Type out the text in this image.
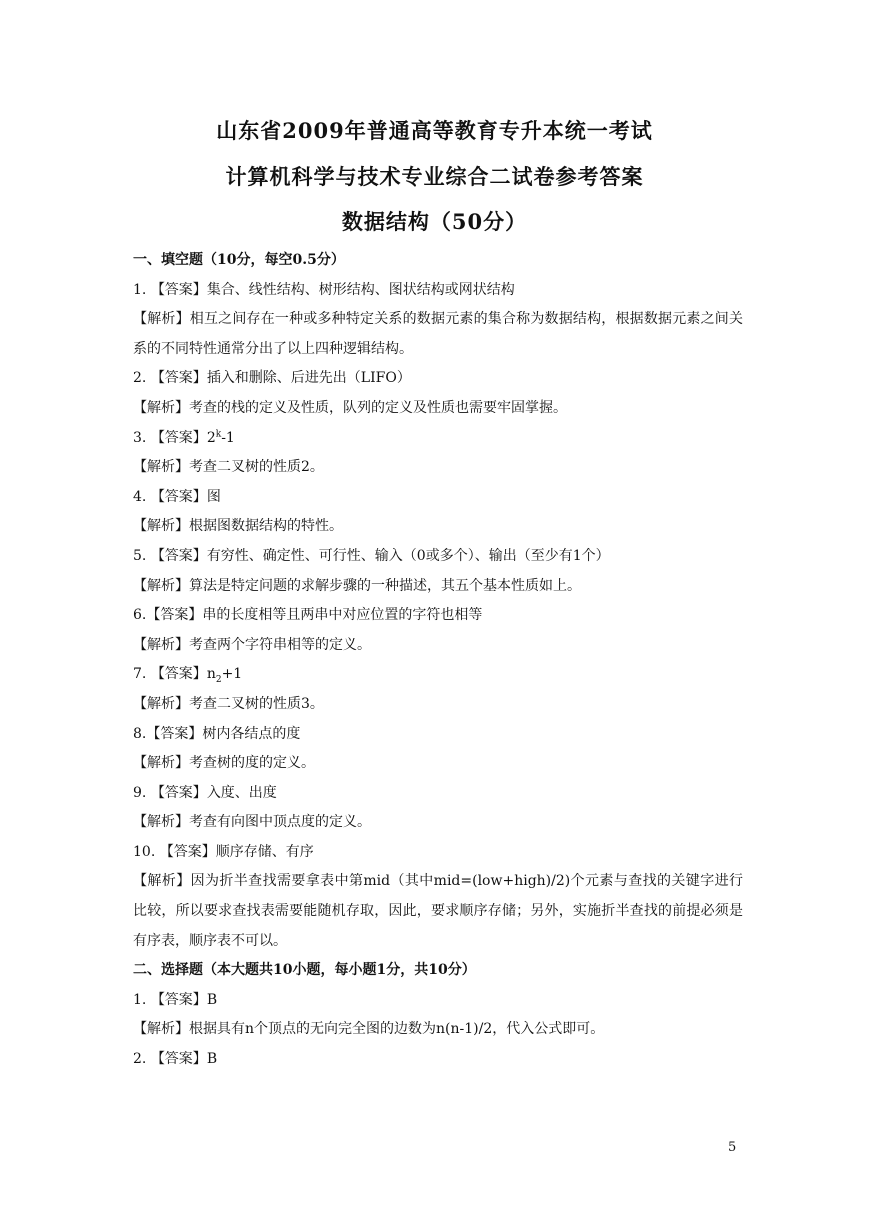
山东省2009年普通高等教育专升本统一考试
计算机科学与技术专业综合二试卷参考答案
数据结构（50分）
一、填空题（10分，每空0.5分）
1. 【答案】集合、线性结构、树形结构、图状结构或网状结构
【解析】相互之间存在一种或多种特定关系的数据元素的集合称为数据结构，根据数据元素之间关系的不同特性通常分出了以上四种逻辑结构。
2. 【答案】插入和删除、后进先出（LIFO）
【解析】考查的栈的定义及性质，队列的定义及性质也需要牢固掌握。
3. 【答案】2$^k$-1
【解析】考查二叉树的性质2。
4. 【答案】图
【解析】根据图数据结构的特性。
5. 【答案】有穷性、确定性、可行性、输入（0或多个）、输出（至少有1个）
【解析】算法是特定问题的求解步骤的一种描述，其五个基本性质如上。
6.【答案】串的长度相等且两串中对应位置的字符也相等
【解析】考查两个字符串相等的定义。
7. 【答案】$n_2+1$
【解析】考查二叉树的性质3。
8.【答案】树内各结点的度
【解析】考查树的度的定义。
9. 【答案】入度、出度
【解析】考查有向图中顶点度的定义。
10. 【答案】顺序存储、有序
【解析】因为折半查找需要拿表中第mid（其中mid=(low+high)/2)个元素与查找的关键字进行比较，所以要求查找表需要能随机存取，因此，要求顺序存储；另外，实施折半查找的前提必须是有序表，顺序表不可以。
二、选择题（本大题共10小题，每小题1分，共10分）
1. 【答案】B
【解析】根据具有n个顶点的无向完全图的边数为n(n-1)/2，代入公式即可。
2. 【答案】B
5
